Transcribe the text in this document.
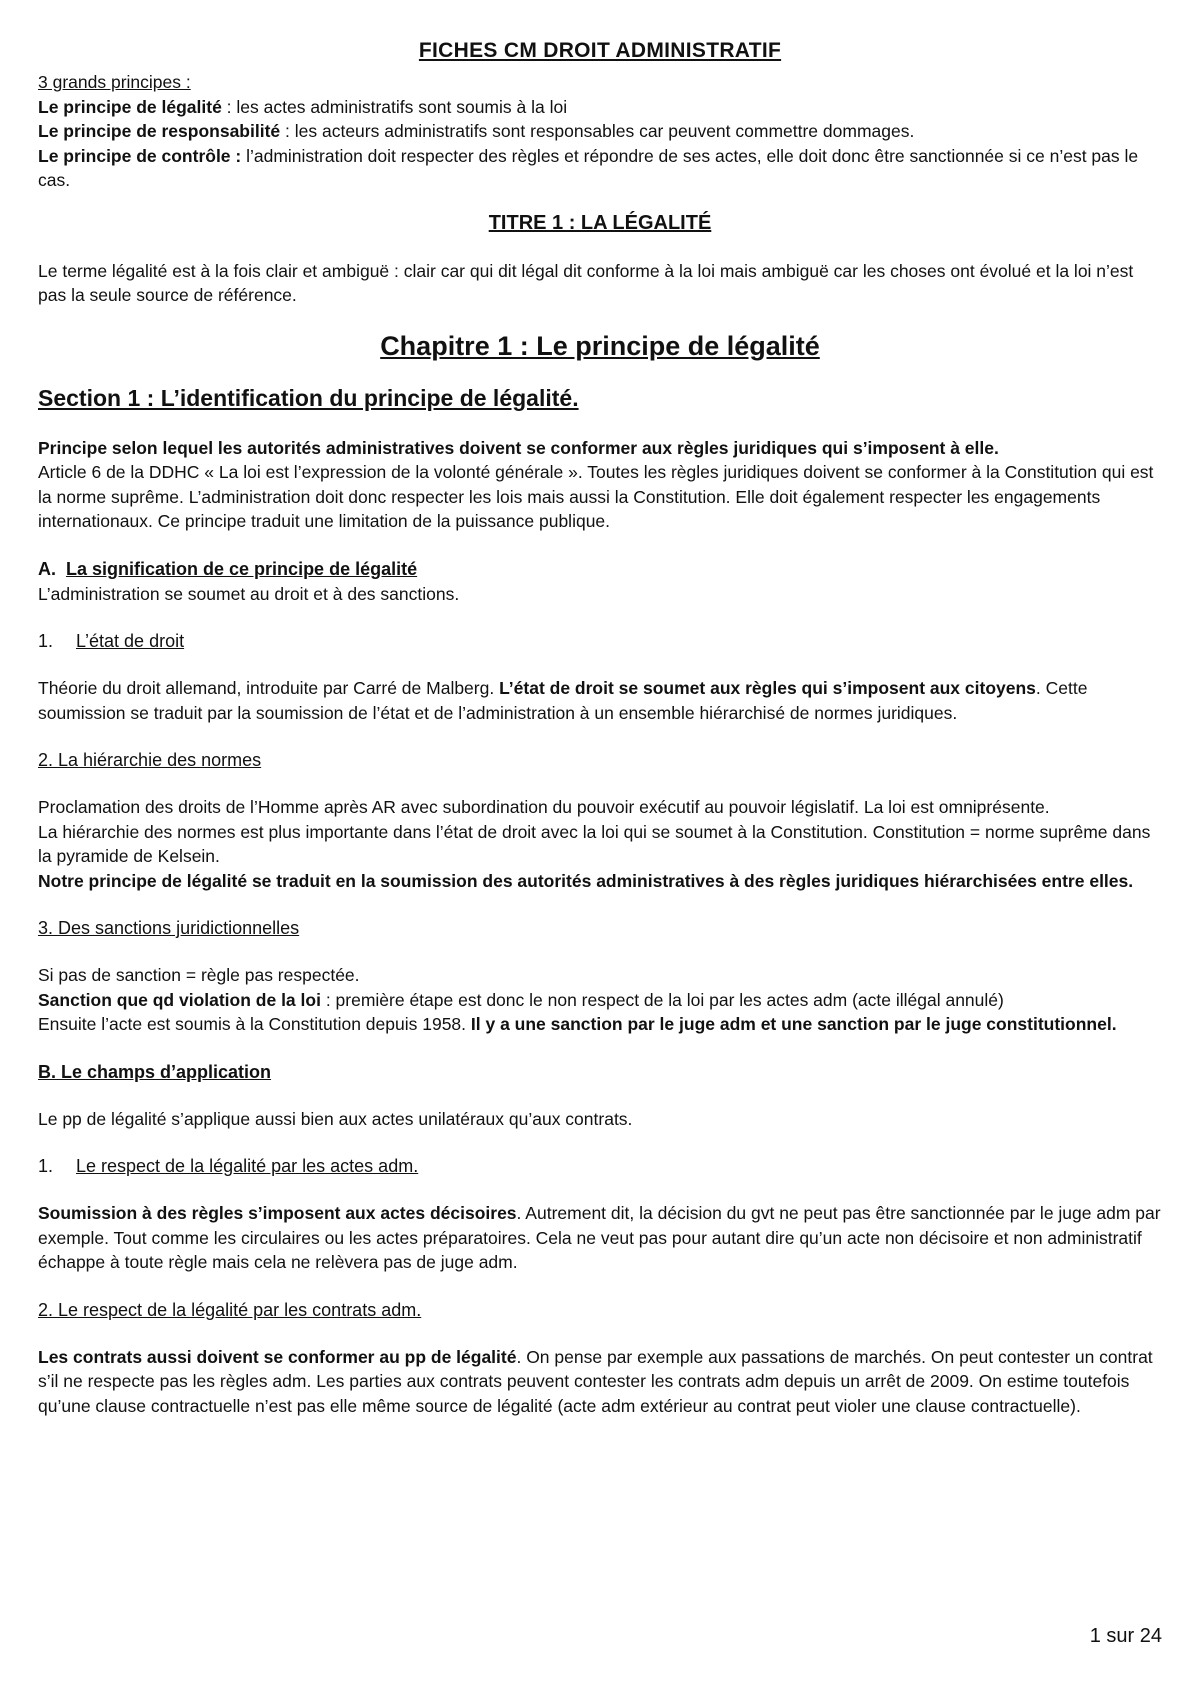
FICHES CM DROIT ADMINISTRATIF

3 grands principes :

Le principe de légalité : les actes administratifs sont soumis à la loi

Le principe de responsabilité : les acteurs administratifs sont responsables car peuvent commettre dommages.

Le principe de contrôle : l’administration doit respecter des règles et répondre de ses actes, elle doit donc être sanctionnée si ce n’est pas le cas.

TITRE 1 : LA LÉGALITÉ

Le terme légalité est à la fois clair et ambiguë : clair car qui dit légal dit conforme à la loi mais ambiguë car les choses ont évolué et la loi n’est pas la seule source de référence.

Chapitre 1 : Le principe de légalité

Section 1 : L’identification du principe de légalité.

Principe selon lequel les autorités administratives doivent se conformer aux règles juridiques qui s’imposent à elle.

Article 6 de la DDHC « La loi est l’expression de la volonté générale ». Toutes les règles juridiques doivent se conformer à la Constitution qui est la norme suprême. L’administration doit donc respecter les lois mais aussi la Constitution. Elle doit également respecter les engagements internationaux. Ce principe traduit une limitation de la puissance publique.

A. La signification de ce principe de légalité

L’administration se soumet au droit et à des sanctions.

1. L’état de droit

Théorie du droit allemand, introduite par Carré de Malberg. L’état de droit se soumet aux règles qui s’imposent aux citoyens. Cette soumission se traduit par la soumission de l’état et de l’administration à un ensemble hiérarchisé de normes juridiques.

2. La hiérarchie des normes

Proclamation des droits de l’Homme après AR avec subordination du pouvoir exécutif au pouvoir législatif. La loi est omniprésente.

La hiérarchie des normes est plus importante dans l’état de droit avec la loi qui se soumet à la Constitution. Constitution = norme suprême dans la pyramide de Kelsein.

Notre principe de légalité se traduit en la soumission des autorités administratives à des règles juridiques hiérarchisées entre elles.

3. Des sanctions juridictionnelles

Si pas de sanction = règle pas respectée.

Sanction que qd violation de la loi : première étape est donc le non respect de la loi par les actes adm (acte illégal annulé)

Ensuite l’acte est soumis à la Constitution depuis 1958. Il y a une sanction par le juge adm et une sanction par le juge constitutionnel.

B. Le champs d’application

Le pp de légalité s’applique aussi bien aux actes unilatéraux qu’aux contrats.

1. Le respect de la légalité par les actes adm.

Soumission à des règles s’imposent aux actes décisoires. Autrement dit, la décision du gvt ne peut pas être sanctionnée par le juge adm par exemple. Tout comme les circulaires ou les actes préparatoires. Cela ne veut pas pour autant dire qu’un acte non décisoire et non administratif échappe à toute règle mais cela ne relèvera pas de juge adm.

2. Le respect de la légalité par les contrats adm.

Les contrats aussi doivent se conformer au pp de légalité. On pense par exemple aux passations de marchés. On peut contester un contrat s’il ne respecte pas les règles adm. Les parties aux contrats peuvent contester les contrats adm depuis un arrêt de 2009. On estime toutefois qu’une clause contractuelle n’est pas elle même source de légalité (acte adm extérieur au contrat peut violer une clause contractuelle).

1 sur 24
